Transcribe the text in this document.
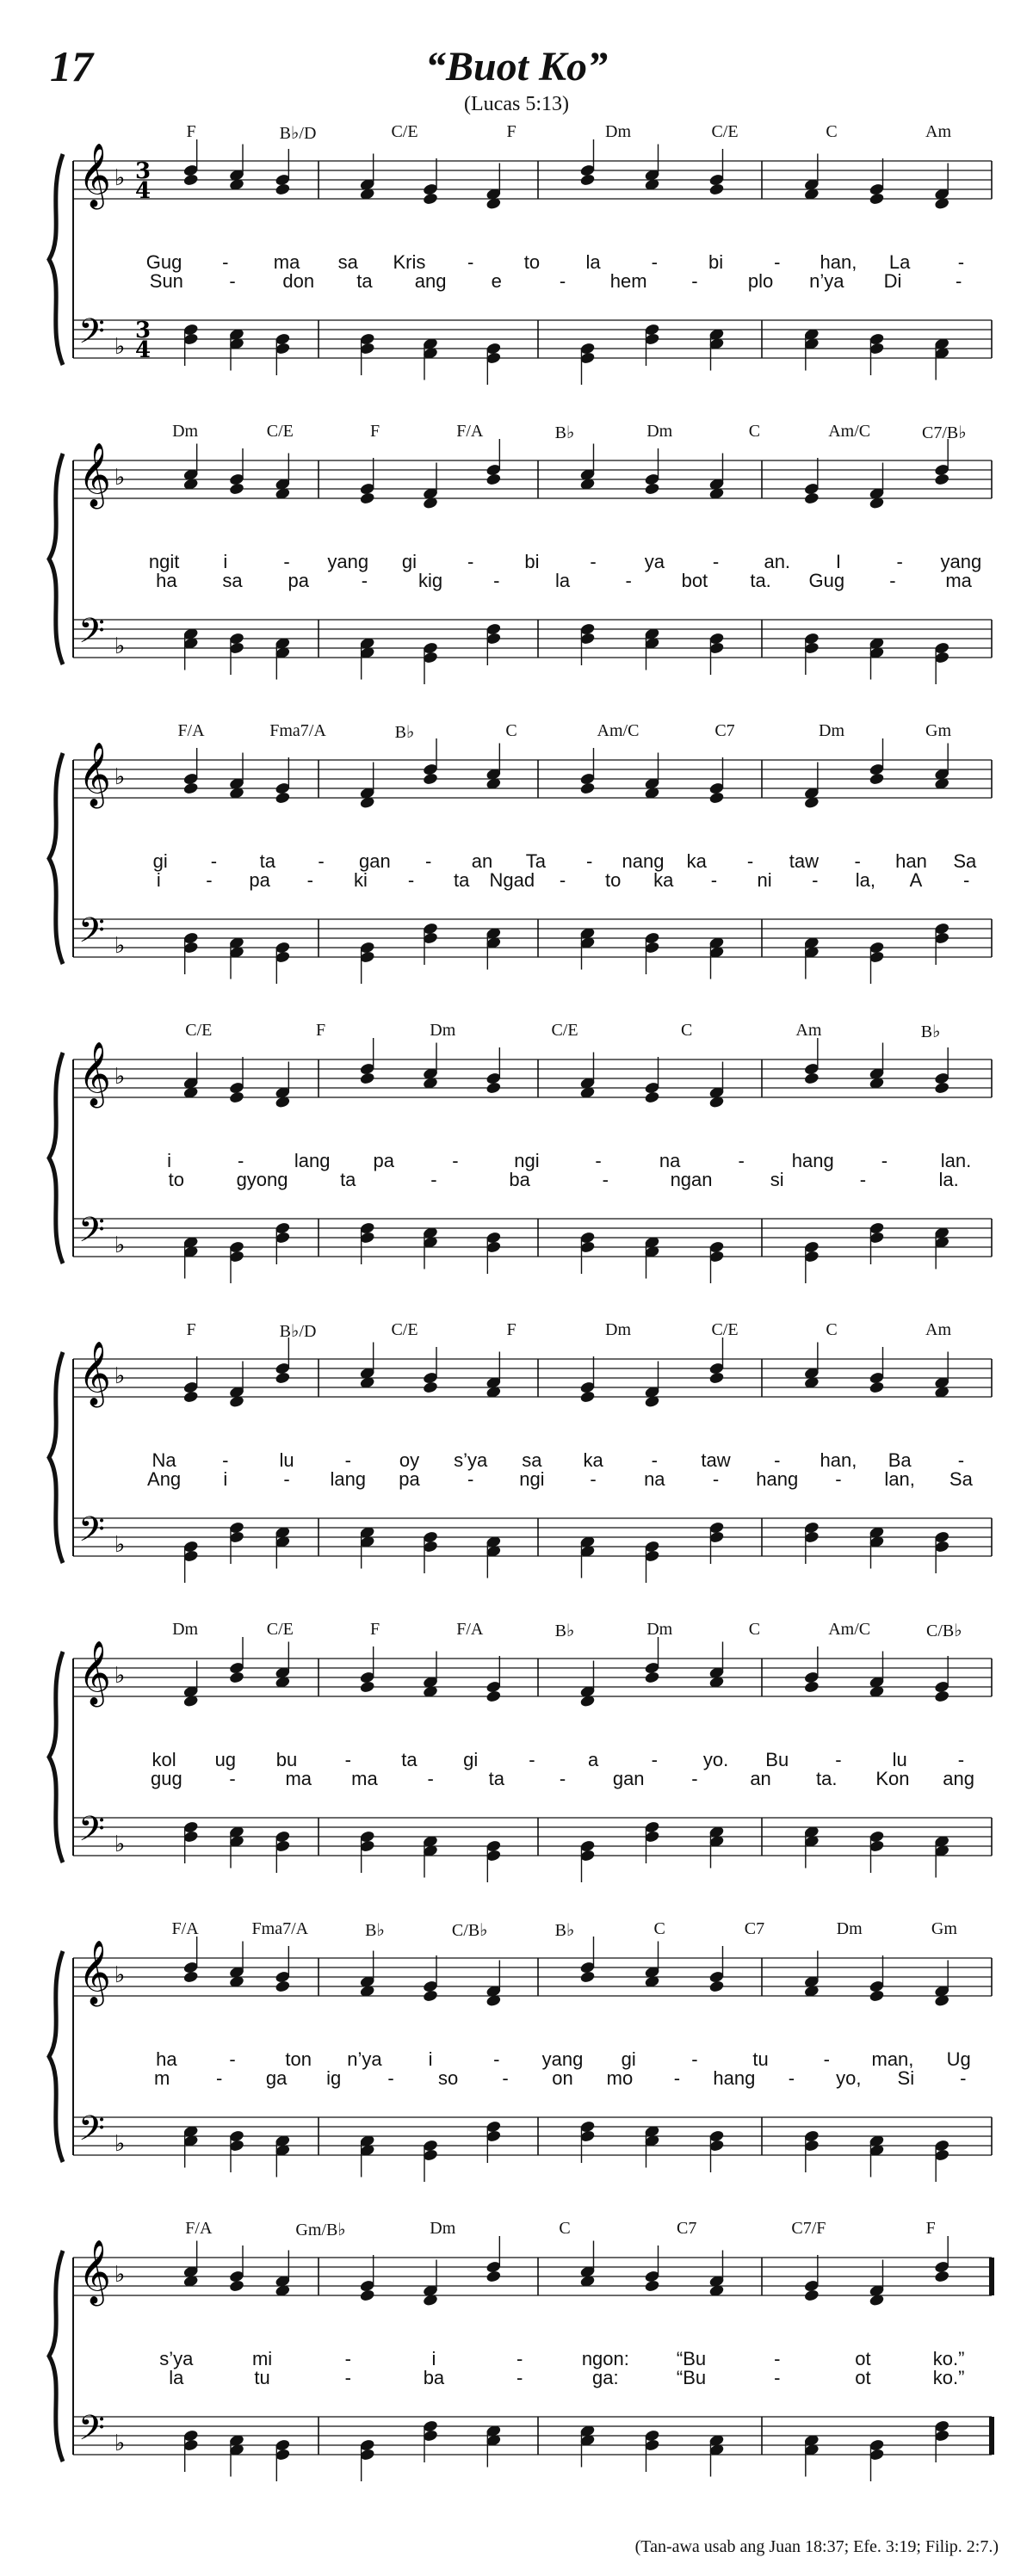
17	“Buot Ko”
(Lucas 5:13)
𝄞
𝄢
♭
♭
3
4
3
4
F	B♭/D	C/E	F	Dm	C/E	C	Am
Gug - ma sa Kris -	to la	-	bi	- han, La	-
Sun - don ta ang e	- hem -	plo n’ya Di	-
𝄞
𝄢
♭
♭
Dm	C/E	F	F/A	B♭	Dm	C	Am/C	C7/B♭
ngit i	- yang gi	-	bi	-	ya	- an. I	- yang
ha sa pa	-	kig	-	la	-	bot ta. Gug -	ma
𝄞
𝄢
♭
♭
F/A	Fma7/A	B♭	C	Am/C	C7	Dm	Gm
gi - ta - gan - an Ta - nang ka - taw - han Sa
i - pa - ki - ta Ngad - to ka - ni - la, A -
𝄞
𝄢
♭
♭
C/E	F	Dm	C/E	C	Am	B♭
i	-	lang pa	-	ngi	-	na	- hang -	lan.
to	gyong	ta	-	ba	-	ngan	si	-	la.
𝄞
𝄢
♭
♭
F	B♭/D	C/E	F	Dm	C/E	C	Am
Na -	lu	-	oy s’ya sa ka	- taw - han, Ba -
Ang i	- lang pa	- ngi -	na	- hang - lan, Sa
𝄞
𝄢
♭
♭
Dm	C/E	F	F/A	B♭	Dm	C	Am/C	C/B♭
kol ug bu	-	ta gi	-	a	- yo. Bu -	lu	-
gug -	ma ma	-	ta	- gan -	an ta. Kon ang
𝄞
𝄢
♭
♭
F/A	Fma7/A	B♭	C/B♭	B♭	C	C7	Dm	Gm
ha	-	ton n’ya i	- yang gi	-	tu	- man, Ug
m - ga ig - so - on mo - hang - yo, Si -
𝄞
𝄢
♭
♭
F/A	Gm/B♭	Dm	C	C7	C7/F	F
s’ya	mi	-	i	-	ngon:	“Bu	-	ot	ko.”
la	tu	-	ba	-	ga:	“Bu	-	ot	ko.”
(Tan-awa usab ang Juan 18:37; Efe. 3:19; Filip. 2:7.)
